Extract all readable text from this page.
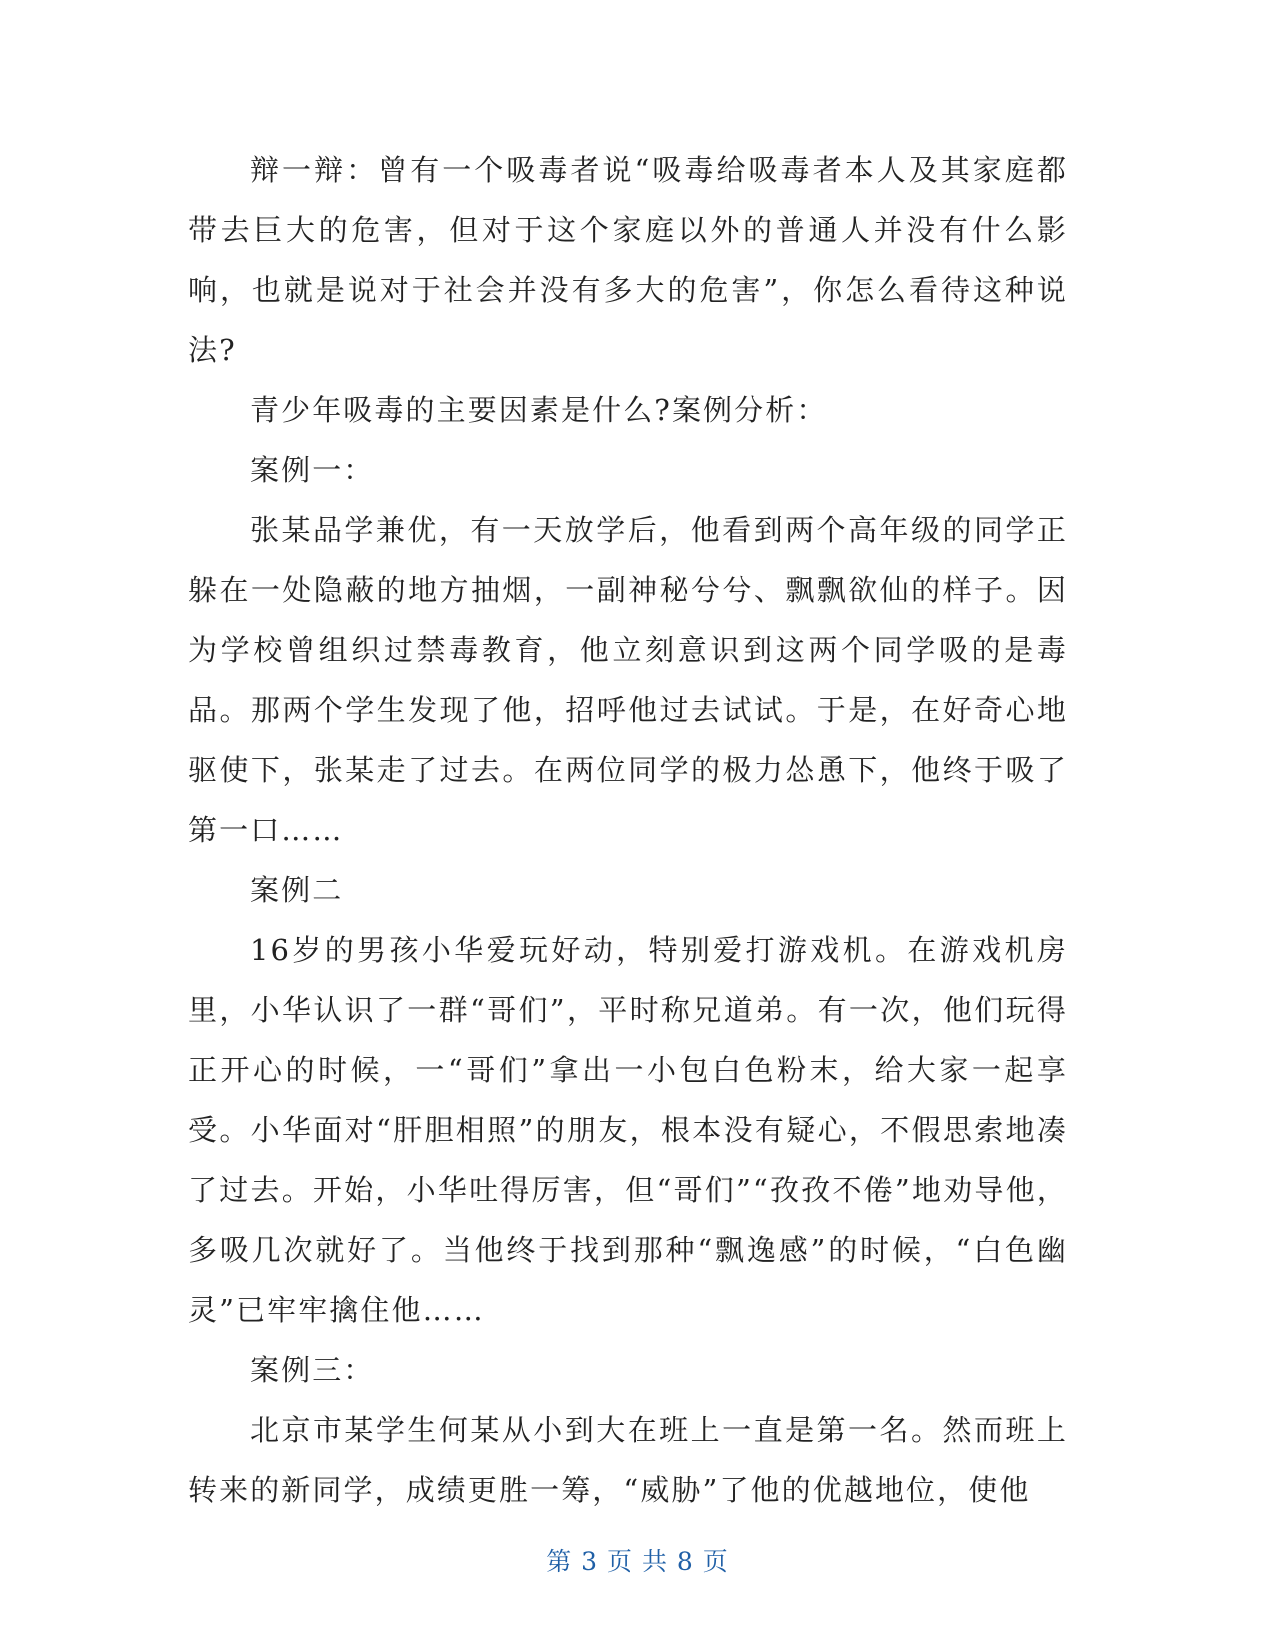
辩一辩：曾有一个吸毒者说“吸毒给吸毒者本人及其家庭都带去巨大的危害，但对于这个家庭以外的普通人并没有什么影响，也就是说对于社会并没有多大的危害”，你怎么看待这种说法?

青少年吸毒的主要因素是什么?案例分析：

案例一：

张某品学兼优，有一天放学后，他看到两个高年级的同学正躲在一处隐蔽的地方抽烟，一副神秘兮兮、飘飘欲仙的样子。因为学校曾组织过禁毒教育，他立刻意识到这两个同学吸的是毒品。那两个学生发现了他，招呼他过去试试。于是，在好奇心地驱使下，张某走了过去。在两位同学的极力怂恿下，他终于吸了第一口……

案例二

16岁的男孩小华爱玩好动，特别爱打游戏机。在游戏机房里，小华认识了一群“哥们”，平时称兄道弟。有一次，他们玩得正开心的时候，一“哥们”拿出一小包白色粉末，给大家一起享受。小华面对“肝胆相照”的朋友，根本没有疑心，不假思索地凑了过去。开始，小华吐得厉害，但“哥们”“孜孜不倦”地劝导他，多吸几次就好了。当他终于找到那种“飘逸感”的时候，“白色幽灵”已牢牢擒住他……

案例三：

北京市某学生何某从小到大在班上一直是第一名。然而班上转来的新同学，成绩更胜一筹，“威胁”了他的优越地位，使他

第 3 页 共 8 页
